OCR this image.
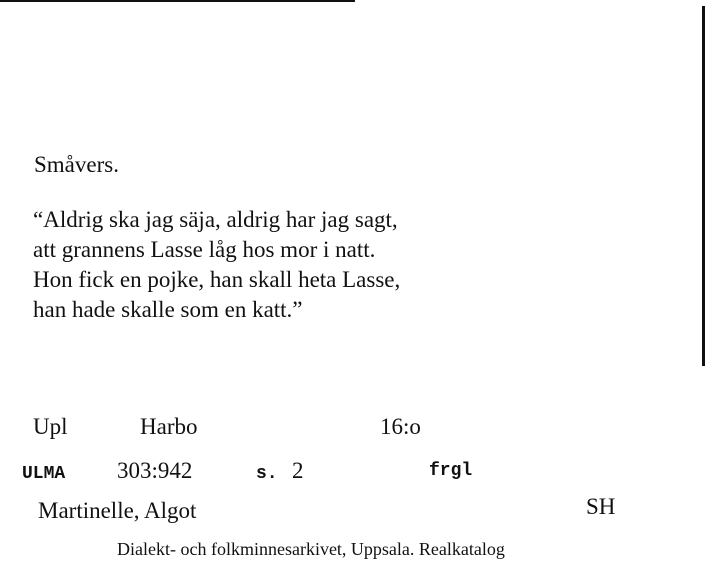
Småvers.
“Aldrig ska jag säja, aldrig har jag sagt,
att grannens Lasse låg hos mor i natt.
Hon fick en pojke, han skall heta Lasse,
han hade skalle som en katt.”
Upl	Harbo	16:o
ULMA 303:942	s. 2	frgl
Martinelle, Algot	SH
Dialekt- och folkminnesarkivet, Uppsala. Realkatalog
